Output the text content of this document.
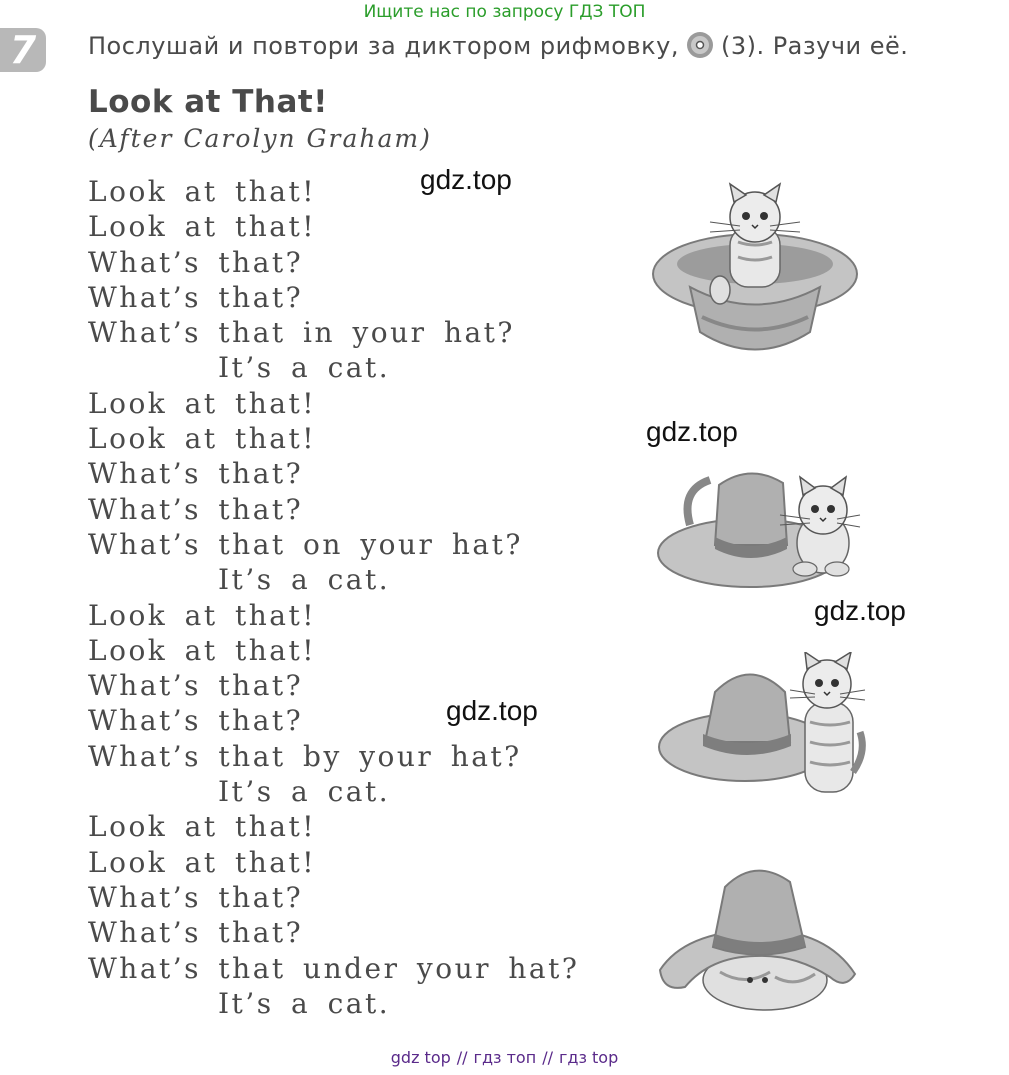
Ищите нас по запросу ГДЗ ТОП
7	Послушай и повтори за диктором рифмовку, (3). Разучи её.
Look at That!
(After Carolyn Graham)
Look at that!
Look at that!
What’s that?
What’s that?
What’s that in your hat?
It’s a cat.
Look at that!
Look at that!
What’s that?
What’s that?
What’s that on your hat?
It’s a cat.
Look at that!
Look at that!
What’s that?
What’s that?
What’s that by your hat?
It’s a cat.
Look at that!
Look at that!
What’s that?
What’s that?
What’s that under your hat?
It’s a cat.
gdz.top
gdz.top
gdz.top
gdz.top
gdz top // гдз топ // гдз top
